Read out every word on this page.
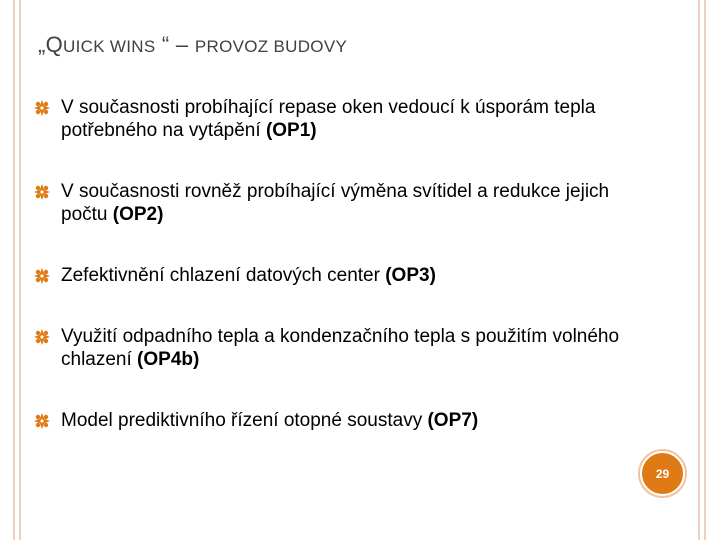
„QUICK WINS “ – PROVOZ BUDOVY
V současnosti probíhající repase oken vedoucí k úsporám tepla potřebného na vytápění (OP1)
V současnosti rovněž probíhající výměna svítidel a redukce jejich počtu (OP2)
Zefektivnění chlazení datových center (OP3)
Využití odpadního tepla a kondenzačního tepla s použitím volného chlazení (OP4b)
Model prediktivního řízení otopné soustavy (OP7)
29
